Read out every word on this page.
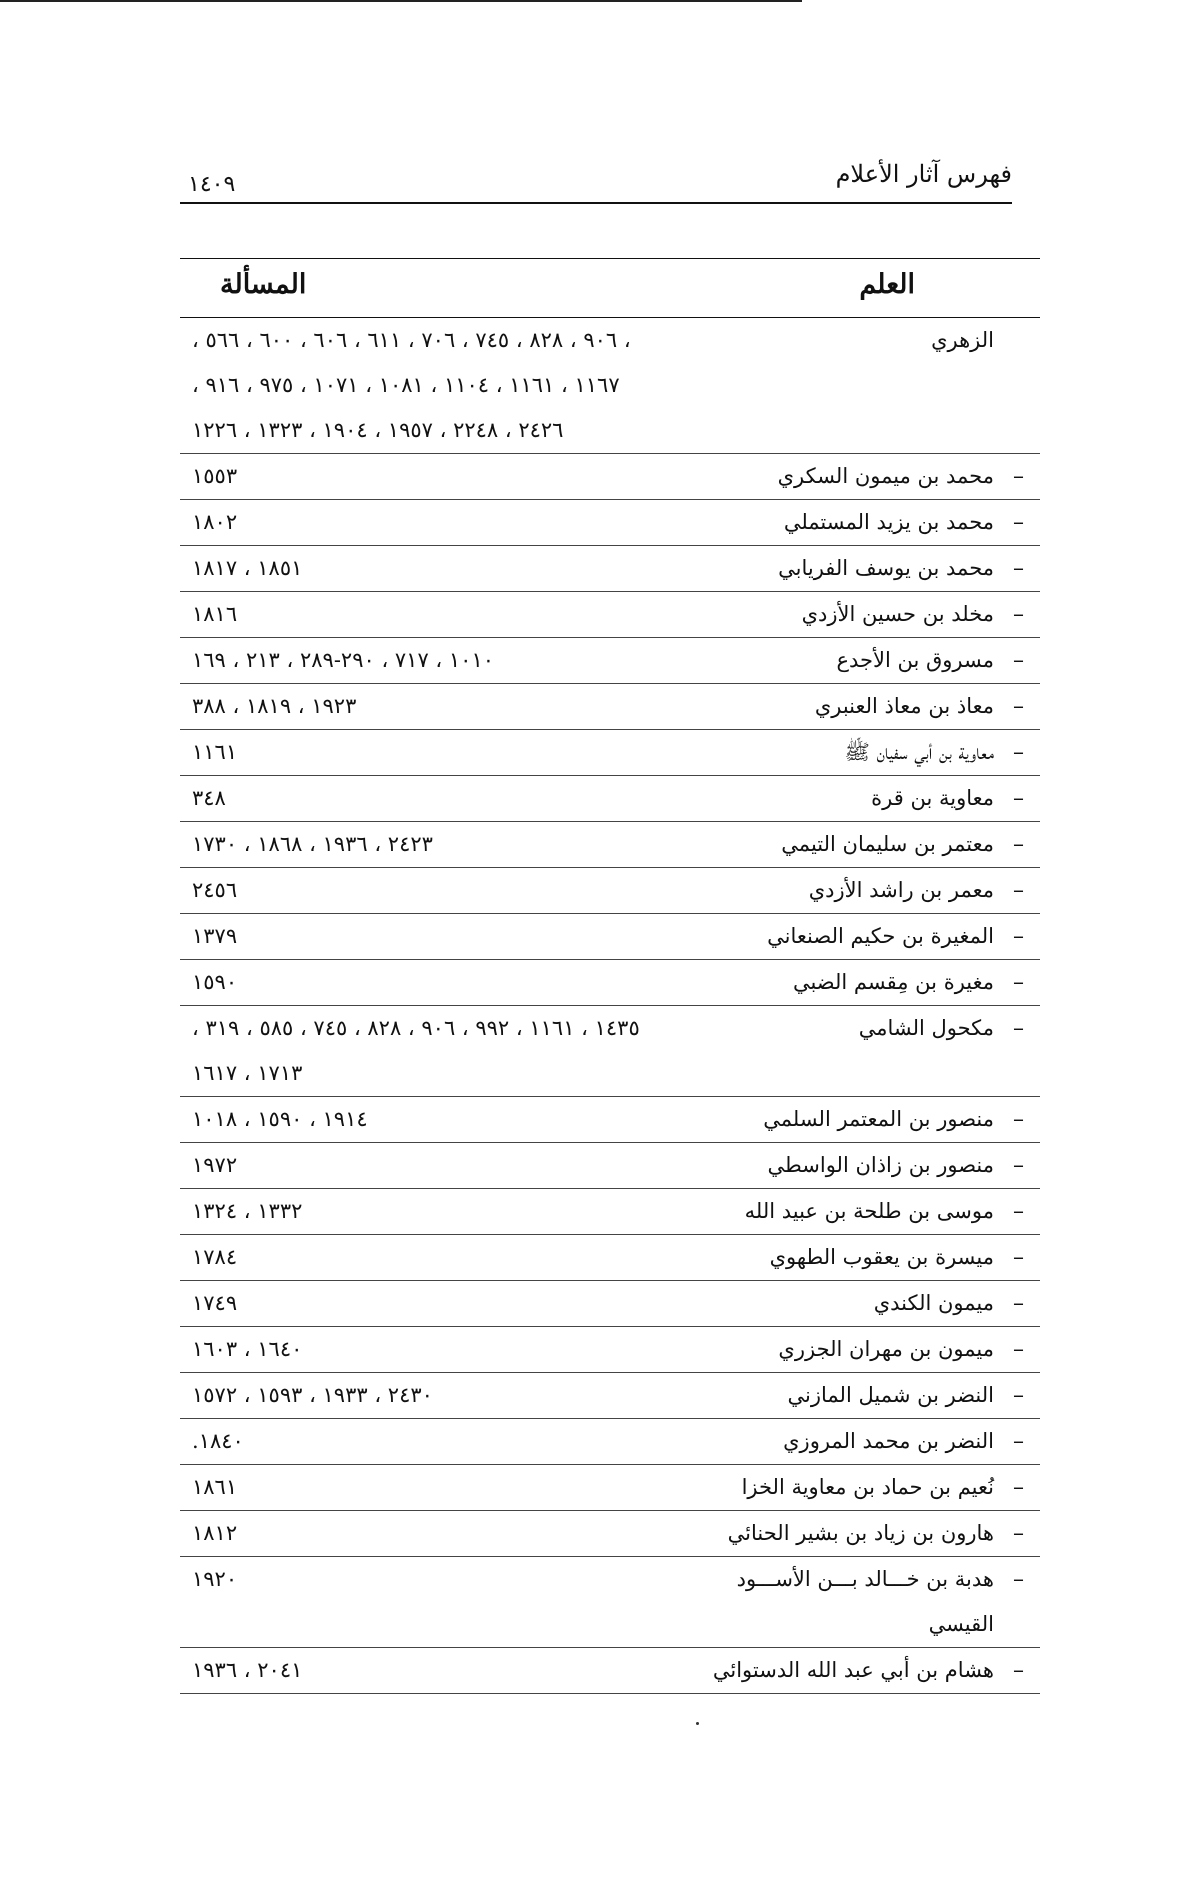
فهرس آثار الأعلام
١٤٠٩
العلم
المسألة
الزهري
، ٩٠٦ ، ٨٢٨ ، ٧٤٥ ، ٧٠٦ ، ٦١١ ، ٦٠٦ ، ٦٠٠ ، ٥٦٦ ،
، ١١٦٧ ، ١١٦١ ، ١١٠٤ ، ١٠٨١ ، ١٠٧١ ، ٩٧٥ ، ٩١٦
٢٤٢٦ ، ٢٢٤٨ ، ١٩٥٧ ، ١٩٠٤ ، ١٣٢٣ ، ١٢٢٦
–
محمد بن ميمون السكري
١٥٥٣
–
محمد بن يزيد المستملي
١٨٠٢
–
محمد بن يوسف الفريابي
١٨٥١ ، ١٨١٧
–
مخلد بن حسين الأزدي
١٨١٦
–
مسروق بن الأجدع
١٠١٠ ، ٧١٧ ، ٢٩٠-٢٨٩ ، ٢١٣ ، ١٦٩
–
معاذ بن معاذ العنبري
١٩٢٣ ، ١٨١٩ ، ٣٨٨
–
معاوية بن أبي سفيان ﷺ
١١٦١
–
معاوية بن قرة
٣٤٨
–
معتمر بن سليمان التيمي
٢٤٢٣ ، ١٩٣٦ ، ١٨٦٨ ، ١٧٣٠
–
معمر بن راشد الأزدي
٢٤٥٦
–
المغيرة بن حكيم الصنعاني
١٣٧٩
–
مغيرة بن مِقسم الضبي
١٥٩٠
–
مكحول الشامي
، ١٤٣٥ ، ١١٦١ ، ٩٩٢ ، ٩٠٦ ، ٨٢٨ ، ٧٤٥ ، ٥٨٥ ، ٣١٩
١٧١٣ ، ١٦١٧
–
منصور بن المعتمر السلمي
١٩١٤ ، ١٥٩٠ ، ١٠١٨
–
منصور بن زاذان الواسطي
١٩٧٢
–
موسى بن طلحة بن عبيد الله
١٣٣٢ ، ١٣٢٤
–
ميسرة بن يعقوب الطهوي
١٧٨٤
–
ميمون الكندي
١٧٤٩
–
ميمون بن مهران الجزري
١٦٤٠ ، ١٦٠٣
–
النضر بن شميل المازني
٢٤٣٠ ، ١٩٣٣ ، ١٥٩٣ ، ١٥٧٢
–
النضر بن محمد المروزي
.١٨٤٠
–
نُعيم بن حماد بن معاوية الخزا
١٨٦١
–
هارون بن زياد بن بشير الحنائي
١٨١٢
–
هدبة بن خـــالد بـــن الأســـود
١٩٢٠
القيسي
–
هشام بن أبي عبد الله الدستوائي
٢٠٤١ ، ١٩٣٦
